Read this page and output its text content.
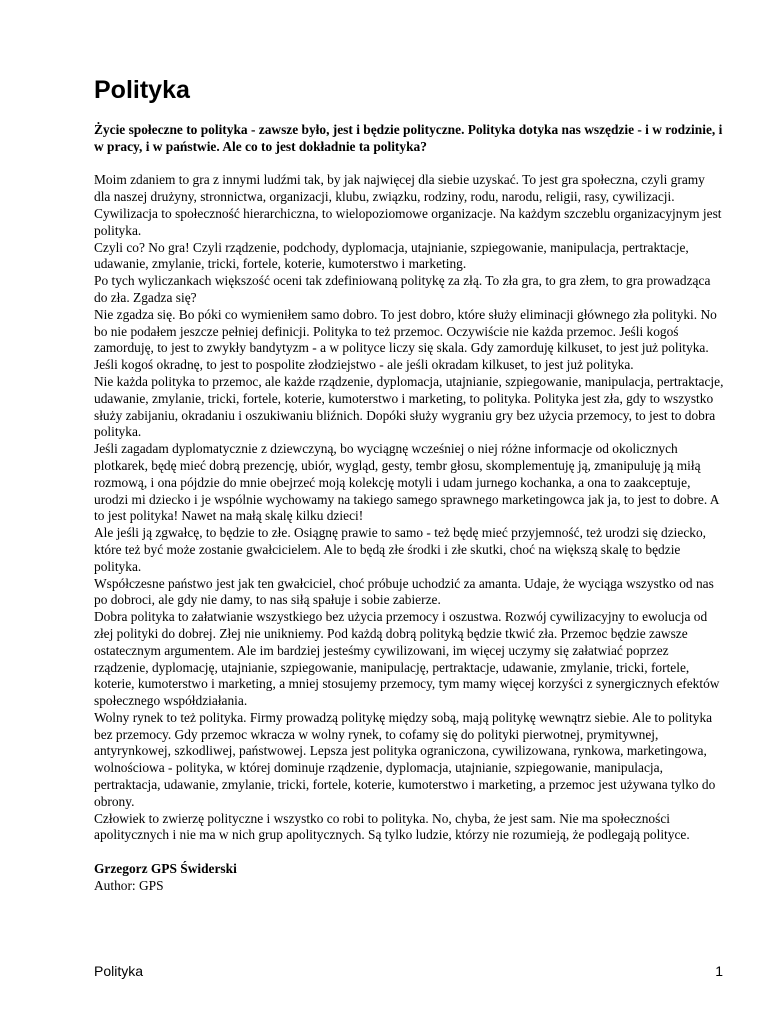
Polityka

Życie społeczne to polityka - zawsze było, jest i będzie polityczne. Polityka dotyka nas wszędzie - i w rodzinie, i w pracy, i w państwie. Ale co to jest dokładnie ta polityka?

Moim zdaniem to gra z innymi ludźmi tak, by jak najwięcej dla siebie uzyskać. To jest gra społeczna, czyli gramy dla naszej drużyny, stronnictwa, organizacji, klubu, związku, rodziny, rodu, narodu, religii, rasy, cywilizacji. Cywilizacja to społeczność hierarchiczna, to wielopoziomowe organizacje. Na każdym szczeblu organizacyjnym jest polityka.

Czyli co? No gra! Czyli rządzenie, podchody, dyplomacja, utajnianie, szpiegowanie, manipulacja, pertraktacje, udawanie, zmylanie, tricki, fortele, koterie, kumoterstwo i marketing.

Po tych wyliczankach większość oceni tak zdefiniowaną politykę za złą. To zła gra, to gra złem, to gra prowadząca do zła. Zgadza się?

Nie zgadza się. Bo póki co wymieniłem samo dobro. To jest dobro, które służy eliminacji głównego zła polityki. No bo nie podałem jeszcze pełniej definicji. Polityka to też przemoc. Oczywiście nie każda przemoc. Jeśli kogoś zamorduję, to jest to zwykły bandytyzm - a w polityce liczy się skala. Gdy zamorduję kilkuset, to jest już polityka. Jeśli kogoś okradnę, to jest to pospolite złodziejstwo - ale jeśli okradam kilkuset, to jest już polityka.

Nie każda polityka to przemoc, ale każde rządzenie, dyplomacja, utajnianie, szpiegowanie, manipulacja, pertraktacje, udawanie, zmylanie, tricki, fortele, koterie, kumoterstwo i marketing, to polityka. Polityka jest zła, gdy to wszystko służy zabijaniu, okradaniu i oszukiwaniu bliźnich. Dopóki służy wygraniu gry bez użycia przemocy, to jest to dobra polityka.

Jeśli zagadam dyplomatycznie z dziewczyną, bo wyciągnę wcześniej o niej różne informacje od okolicznych plotkarek, będę mieć dobrą prezencję, ubiór, wygląd, gesty, tembr głosu, skomplementuję ją, zmanipuluję ją miłą rozmową, i ona pójdzie do mnie obejrzeć moją kolekcję motyli i udam jurnego kochanka, a ona to zaakceptuje, urodzi mi dziecko i je wspólnie wychowamy na takiego samego sprawnego marketingowca jak ja, to jest to dobre. A to jest polityka! Nawet na małą skalę kilku dzieci!

Ale jeśli ją zgwałcę, to będzie to złe. Osiągnę prawie to samo - też będę mieć przyjemność, też urodzi się dziecko, które też być może zostanie gwałcicielem. Ale to będą złe środki i złe skutki, choć na większą skalę to będzie polityka.

Współczesne państwo jest jak ten gwałciciel, choć próbuje uchodzić za amanta. Udaje, że wyciąga wszystko od nas po dobroci, ale gdy nie damy, to nas siłą spałuje i sobie zabierze.

Dobra polityka to załatwianie wszystkiego bez użycia przemocy i oszustwa. Rozwój cywilizacyjny to ewolucja od złej polityki do dobrej. Złej nie unikniemy. Pod każdą dobrą polityką będzie tkwić zła. Przemoc będzie zawsze ostatecznym argumentem. Ale im bardziej jesteśmy cywilizowani, im więcej uczymy się załatwiać poprzez rządzenie, dyplomację, utajnianie, szpiegowanie, manipulację, pertraktacje, udawanie, zmylanie, tricki, fortele, koterie, kumoterstwo i marketing, a mniej stosujemy przemocy, tym mamy więcej korzyści z synergicznych efektów społecznego współdziałania.

Wolny rynek to też polityka. Firmy prowadzą politykę między sobą, mają politykę wewnątrz siebie. Ale to polityka bez przemocy. Gdy przemoc wkracza w wolny rynek, to cofamy się do polityki pierwotnej, prymitywnej, antyrynkowej, szkodliwej, państwowej. Lepsza jest polityka ograniczona, cywilizowana, rynkowa, marketingowa, wolnościowa - polityka, w której dominuje rządzenie, dyplomacja, utajnianie, szpiegowanie, manipulacja, pertraktacja, udawanie, zmylanie, tricki, fortele, koterie, kumoterstwo i marketing, a przemoc jest używana tylko do obrony.

Człowiek to zwierzę polityczne i wszystko co robi to polityka. No, chyba, że jest sam. Nie ma społeczności apolitycznych i nie ma w nich grup apolitycznych. Są tylko ludzie, którzy nie rozumieją, że podlegają polityce.

Grzegorz GPS Świderski
Author: GPS
Polityka	1
